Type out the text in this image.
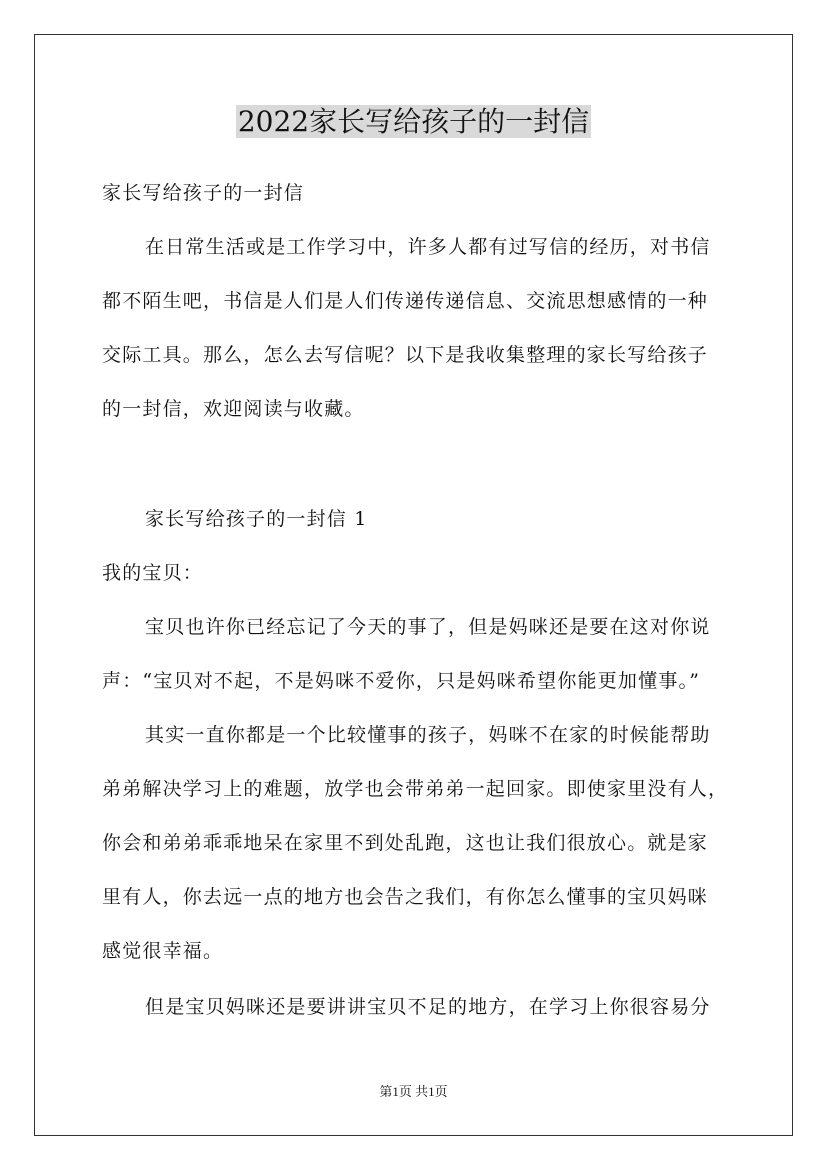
2022家长写给孩子的一封信
家长写给孩子的一封信
在日常生活或是工作学习中，许多人都有过写信的经历，对书信
都不陌生吧，书信是人们是人们传递传递信息、交流思想感情的一种
交际工具。那么，怎么去写信呢？以下是我收集整理的家长写给孩子
的一封信，欢迎阅读与收藏。
家长写给孩子的一封信 1
我的宝贝：
宝贝也许你已经忘记了今天的事了，但是妈咪还是要在这对你说
声：“宝贝对不起，不是妈咪不爱你，只是妈咪希望你能更加懂事。”
其实一直你都是一个比较懂事的孩子，妈咪不在家的时候能帮助
弟弟解决学习上的难题，放学也会带弟弟一起回家。即使家里没有人，
你会和弟弟乖乖地呆在家里不到处乱跑，这也让我们很放心。就是家
里有人，你去远一点的地方也会告之我们，有你怎么懂事的宝贝妈咪
感觉很幸福。
但是宝贝妈咪还是要讲讲宝贝不足的地方，在学习上你很容易分
第1页 共1页
